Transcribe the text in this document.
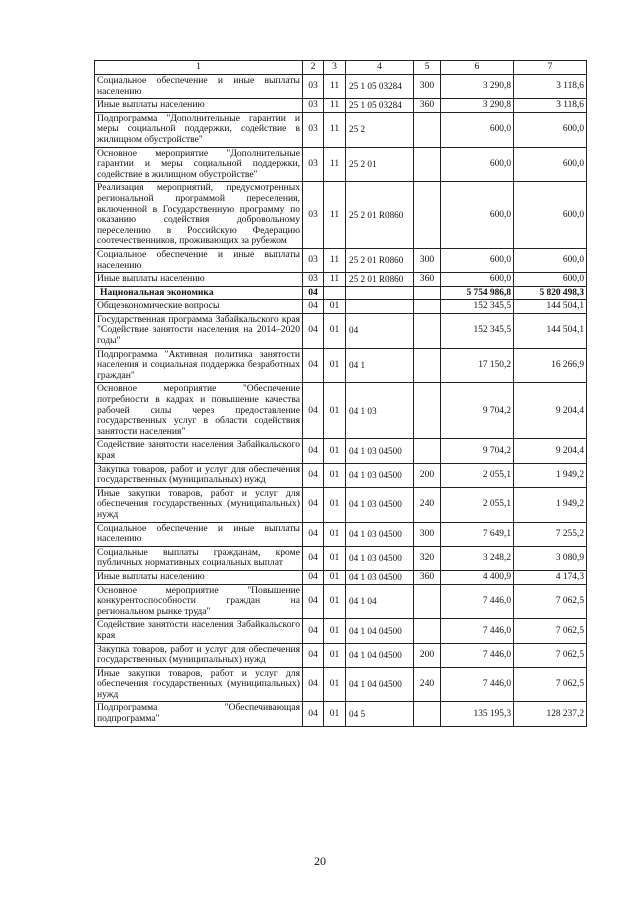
1	2	3	4	5	6	7
Социальное обеспечение и иные выплаты населению	03	11	25 1 05 03284	300	3 290,8	3 118,6
Иные выплаты населению	03	11	25 1 05 03284	360	3 290,8	3 118,6
Подпрограмма "Дополнительные гарантии и меры социальной поддержки, содействие в жилищном обустройстве"	03	11	25 2		600,0	600,0
Основное мероприятие "Дополнительные гарантии и меры социальной поддержки, содействие в жилищном обустройстве"	03	11	25 2 01		600,0	600,0
Реализация мероприятий, предусмотренных региональной программой переселения, включенной в Государственную программу по оказанию содействия добровольному переселению в Российскую Федерацию соотечественников, проживающих за рубежом	03	11	25 2 01 R0860		600,0	600,0
Социальное обеспечение и иные выплаты населению	03	11	25 2 01 R0860	300	600,0	600,0
Иные выплаты населению	03	11	25 2 01 R0860	360	600,0	600,0
Национальная экономика	04				5 754 986,8	5 820 498,3
Общеэкономические вопросы	04	01			152 345,5	144 504,1
Государственная программа Забайкальского края "Содействие занятости населения на 2014–2020 годы"	04	01	04		152 345,5	144 504,1
Подпрограмма "Активная политика занятости населения и социальная поддержка безработных граждан"	04	01	04 1		17 150,2	16 266,9
Основное мероприятие "Обеспечение потребности в кадрах и повышение качества рабочей силы через предоставление государственных услуг в области содействия занятости населения"	04	01	04 1 03		9 704,2	9 204,4
Содействие занятости населения Забайкальского края	04	01	04 1 03 04500		9 704,2	9 204,4
Закупка товаров, работ и услуг для обеспечения государственных (муниципальных) нужд	04	01	04 1 03 04500	200	2 055,1	1 949,2
Иные закупки товаров, работ и услуг для обеспечения государственных (муниципальных) нужд	04	01	04 1 03 04500	240	2 055,1	1 949,2
Социальное обеспечение и иные выплаты населению	04	01	04 1 03 04500	300	7 649,1	7 255,2
Социальные выплаты гражданам, кроме публичных нормативных социальных выплат	04	01	04 1 03 04500	320	3 248,2	3 080,9
Иные выплаты населению	04	01	04 1 03 04500	360	4 400,9	4 174,3
Основное мероприятие "Повышение конкурентоспособности граждан на региональном рынке труда"	04	01	04 1 04		7 446,0	7 062,5
Содействие занятости населения Забайкальского края	04	01	04 1 04 04500		7 446,0	7 062,5
Закупка товаров, работ и услуг для обеспечения государственных (муниципальных) нужд	04	01	04 1 04 04500	200	7 446,0	7 062,5
Иные закупки товаров, работ и услуг для обеспечения государственных (муниципальных) нужд	04	01	04 1 04 04500	240	7 446,0	7 062,5
Подпрограмма "Обеспечивающая подпрограмма"	04	01	04 5		135 195,3	128 237,2
20
